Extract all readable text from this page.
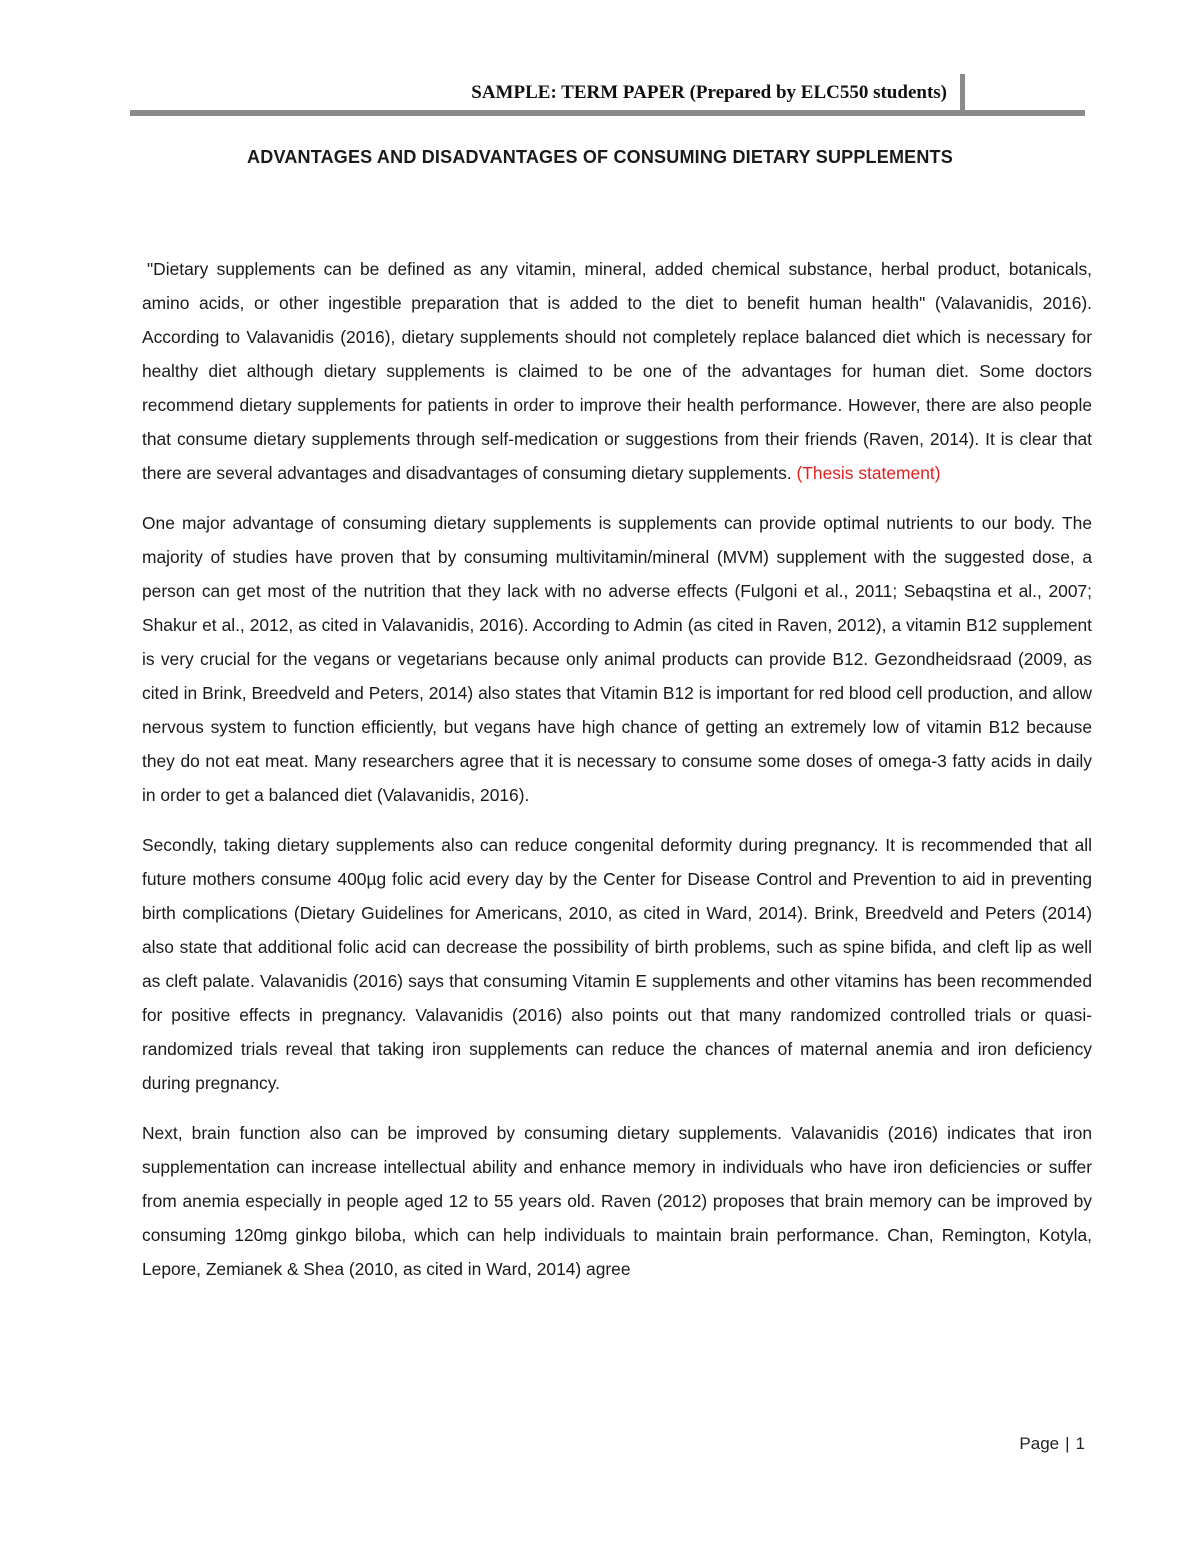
SAMPLE: TERM PAPER (Prepared by ELC550 students)
ADVANTAGES AND DISADVANTAGES OF CONSUMING DIETARY SUPPLEMENTS

"Dietary supplements can be defined as any vitamin, mineral, added chemical substance, herbal product, botanicals, amino acids, or other ingestible preparation that is added to the diet to benefit human health" (Valavanidis, 2016). According to Valavanidis (2016), dietary supplements should not completely replace balanced diet which is necessary for healthy diet although dietary supplements is claimed to be one of the advantages for human diet. Some doctors recommend dietary supplements for patients in order to improve their health performance. However, there are also people that consume dietary supplements through self-medication or suggestions from their friends (Raven, 2014). It is clear that there are several advantages and disadvantages of consuming dietary supplements. (Thesis statement)

One major advantage of consuming dietary supplements is supplements can provide optimal nutrients to our body. The majority of studies have proven that by consuming multivitamin/mineral (MVM) supplement with the suggested dose, a person can get most of the nutrition that they lack with no adverse effects (Fulgoni et al., 2011; Sebaqstina et al., 2007; Shakur et al., 2012, as cited in Valavanidis, 2016). According to Admin (as cited in Raven, 2012), a vitamin B12 supplement is very crucial for the vegans or vegetarians because only animal products can provide B12. Gezondheidsraad (2009, as cited in Brink, Breedveld and Peters, 2014) also states that Vitamin B12 is important for red blood cell production, and allow nervous system to function efficiently, but vegans have high chance of getting an extremely low of vitamin B12 because they do not eat meat. Many researchers agree that it is necessary to consume some doses of omega-3 fatty acids in daily in order to get a balanced diet (Valavanidis, 2016).

Secondly, taking dietary supplements also can reduce congenital deformity during pregnancy. It is recommended that all future mothers consume 400µg folic acid every day by the Center for Disease Control and Prevention to aid in preventing birth complications (Dietary Guidelines for Americans, 2010, as cited in Ward, 2014). Brink, Breedveld and Peters (2014) also state that additional folic acid can decrease the possibility of birth problems, such as spine bifida, and cleft lip as well as cleft palate. Valavanidis (2016) says that consuming Vitamin E supplements and other vitamins has been recommended for positive effects in pregnancy. Valavanidis (2016) also points out that many randomized controlled trials or quasi-randomized trials reveal that taking iron supplements can reduce the chances of maternal anemia and iron deficiency during pregnancy.

Next, brain function also can be improved by consuming dietary supplements. Valavanidis (2016) indicates that iron supplementation can increase intellectual ability and enhance memory in individuals who have iron deficiencies or suffer from anemia especially in people aged 12 to 55 years old. Raven (2012) proposes that brain memory can be improved by consuming 120mg ginkgo biloba, which can help individuals to maintain brain performance. Chan, Remington, Kotyla, Lepore, Zemianek & Shea (2010, as cited in Ward, 2014) agree

Page | 1
